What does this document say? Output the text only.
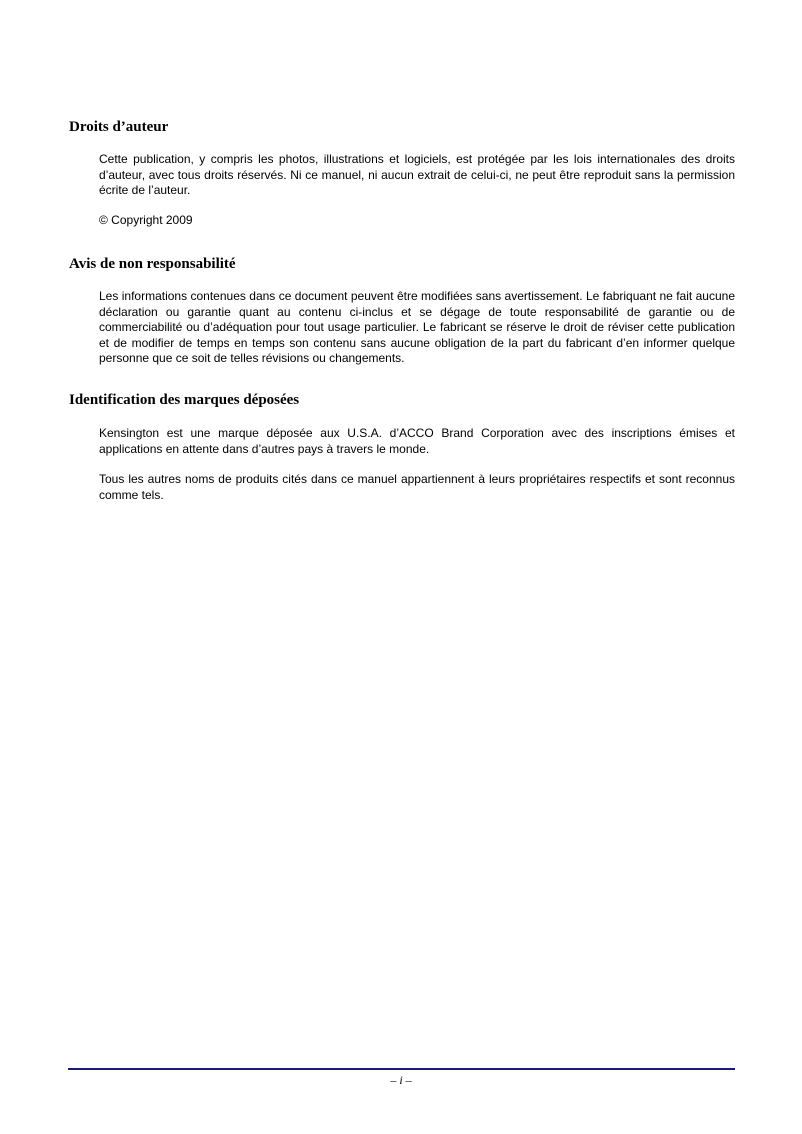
Droits d’auteur

Cette publication, y compris les photos, illustrations et logiciels, est protégée par les lois internationales des droits d’auteur, avec tous droits réservés. Ni ce manuel, ni aucun extrait de celui-ci, ne peut être reproduit sans la permission écrite de l’auteur.

© Copyright 2009

Avis de non responsabilité

Les informations contenues dans ce document peuvent être modifiées sans avertissement. Le fabriquant ne fait aucune déclaration ou garantie quant au contenu ci-inclus et se dégage de toute responsabilité de garantie ou de commerciabilité ou d’adéquation pour tout usage particulier. Le fabricant se réserve le droit de réviser cette publication et de modifier de temps en temps son contenu sans aucune obligation de la part du fabricant d’en informer quelque personne que ce soit de telles révisions ou changements.

Identification des marques déposées

Kensington est une marque déposée aux U.S.A. d’ACCO Brand Corporation avec des inscriptions émises et applications en attente dans d’autres pays à travers le monde.

Tous les autres noms de produits cités dans ce manuel appartiennent à leurs propriétaires respectifs et sont reconnus comme tels.

– i –
